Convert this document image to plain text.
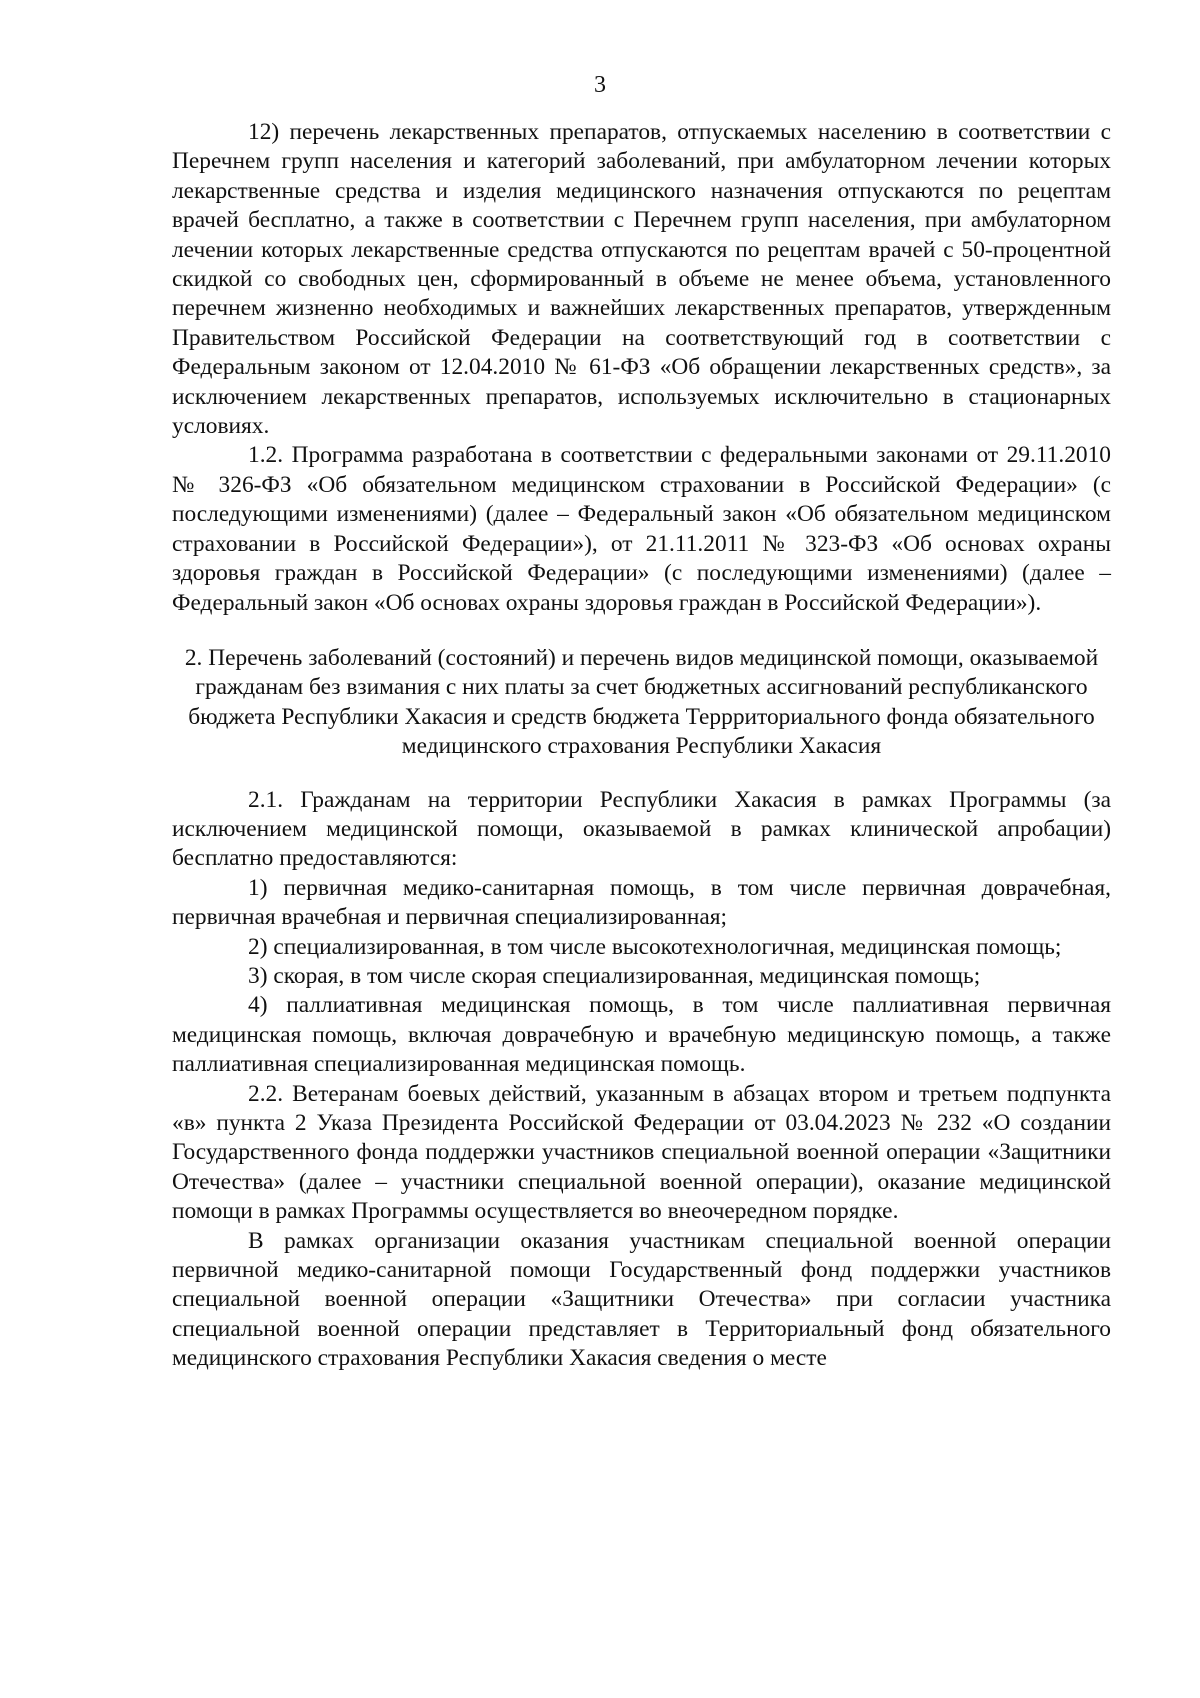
3

12) перечень лекарственных препаратов, отпускаемых населению в соответствии с Перечнем групп населения и категорий заболеваний, при амбулаторном лечении которых лекарственные средства и изделия медицинского назначения отпускаются по рецептам врачей бесплатно, а также в соответствии с Перечнем групп населения, при амбулаторном лечении которых лекарственные средства отпускаются по рецептам врачей с 50-процентной скидкой со свободных цен, сформированный в объеме не менее объема, установленного перечнем жизненно необходимых и важнейших лекарственных препаратов, утвержденным Правительством Российской Федерации на соответствующий год в соответствии с Федеральным законом от 12.04.2010 № 61-ФЗ «Об обращении лекарственных средств», за исключением лекарственных препаратов, используемых исключительно в стационарных условиях.

1.2. Программа разработана в соответствии с федеральными законами от 29.11.2010 № 326-ФЗ «Об обязательном медицинском страховании в Российской Федерации» (с последующими изменениями) (далее – Федеральный закон «Об обязательном медицинском страховании в Российской Федерации»), от 21.11.2011 № 323-ФЗ «Об основах охраны здоровья граждан в Российской Федерации» (с последующими изменениями) (далее – Федеральный закон «Об основах охраны здоровья граждан в Российской Федерации»).

2. Перечень заболеваний (состояний) и перечень видов медицинской помощи, оказываемой гражданам без взимания с них платы за счет бюджетных ассигнований республиканского бюджета Республики Хакасия и средств бюджета Террриториального фонда обязательного медицинского страхования Республики Хакасия

2.1. Гражданам на территории Республики Хакасия в рамках Программы (за исключением медицинской помощи, оказываемой в рамках клинической апробации) бесплатно предоставляются:

1) первичная медико-санитарная помощь, в том числе первичная доврачебная, первичная врачебная и первичная специализированная;

2) специализированная, в том числе высокотехнологичная, медицинская помощь;

3) скорая, в том числе скорая специализированная, медицинская помощь;

4) паллиативная медицинская помощь, в том числе паллиативная первичная медицинская помощь, включая доврачебную и врачебную медицинскую помощь, а также паллиативная специализированная медицинская помощь.

2.2. Ветеранам боевых действий, указанным в абзацах втором и третьем подпункта «в» пункта 2 Указа Президента Российской Федерации от 03.04.2023 № 232 «О создании Государственного фонда поддержки участников специальной военной операции «Защитники Отечества» (далее – участники специальной военной операции), оказание медицинской помощи в рамках Программы осуществляется во внеочередном порядке.

В рамках организации оказания участникам специальной военной операции первичной медико-санитарной помощи Государственный фонд поддержки участников специальной военной операции «Защитники Отечества» при согласии участника специальной военной операции представляет в Территориальный фонд обязательного медицинского страхования Республики Хакасия сведения о месте
